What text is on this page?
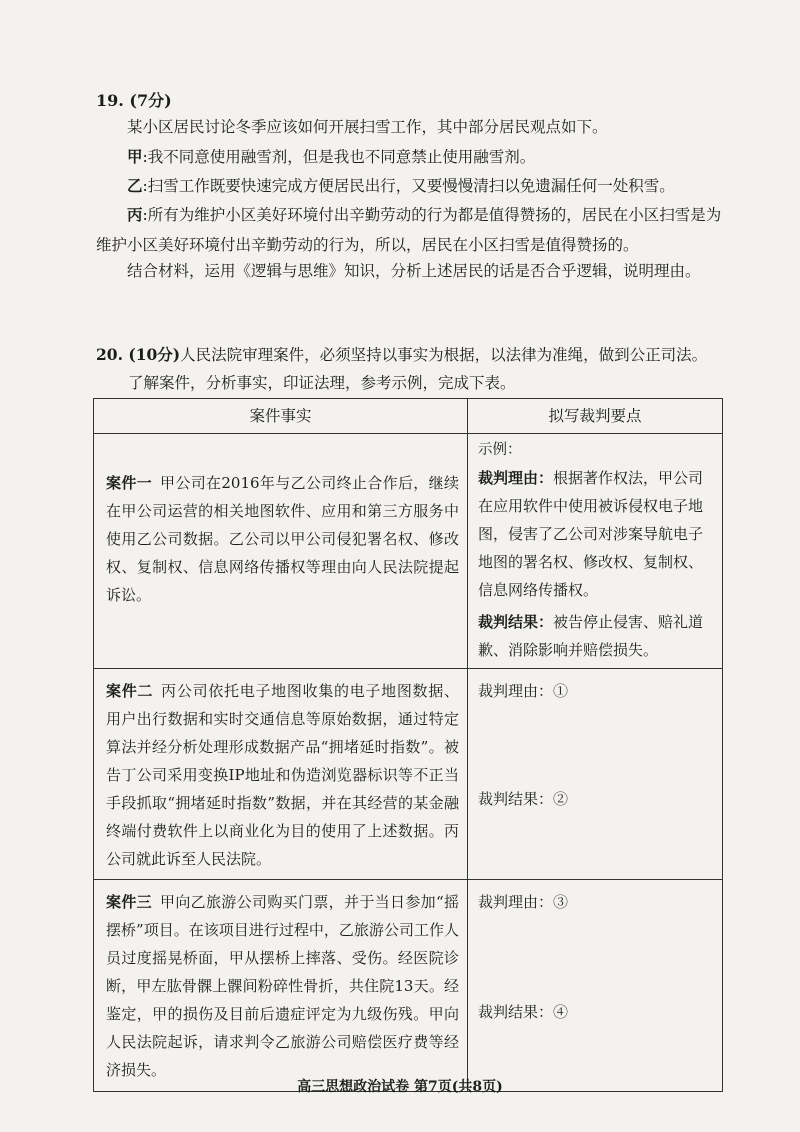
19. (7分)
某小区居民讨论冬季应该如何开展扫雪工作，其中部分居民观点如下。
甲:我不同意使用融雪剂，但是我也不同意禁止使用融雪剂。
乙:扫雪工作既要快速完成方便居民出行，又要慢慢清扫以免遗漏任何一处积雪。
丙:所有为维护小区美好环境付出辛勤劳动的行为都是值得赞扬的，居民在小区扫雪是为维护小区美好环境付出辛勤劳动的行为，所以，居民在小区扫雪是值得赞扬的。
结合材料，运用《逻辑与思维》知识，分析上述居民的话是否合乎逻辑，说明理由。
20. (10分)人民法院审理案件，必须坚持以事实为根据，以法律为准绳，做到公正司法。
了解案件，分析事实，印证法理，参考示例，完成下表。
案件事实	拟写裁判要点
案件一 甲公司在2016年与乙公司终止合作后，继续在甲公司运营的相关地图软件、应用和第三方服务中使用乙公司数据。乙公司以甲公司侵犯署名权、修改权、复制权、信息网络传播权等理由向人民法院提起诉讼。	示例：
裁判理由：根据著作权法，甲公司在应用软件中使用被诉侵权电子地图，侵害了乙公司对涉案导航电子地图的署名权、修改权、复制权、信息网络传播权。
裁判结果：被告停止侵害、赔礼道歉、消除影响并赔偿损失。

案件二 丙公司依托电子地图收集的电子地图数据、用户出行数据和实时交通信息等原始数据，通过特定算法并经分析处理形成数据产品“拥堵延时指数”。被告丁公司采用变换IP地址和伪造浏览器标识等不正当手段抓取“拥堵延时指数”数据，并在其经营的某金融终端付费软件上以商业化为目的使用了上述数据。丙公司就此诉至人民法院。	裁判理由：①
裁判结果：②

案件三 甲向乙旅游公司购买门票，并于当日参加“摇摆桥”项目。在该项目进行过程中，乙旅游公司工作人员过度摇晃桥面，甲从摆桥上摔落、受伤。经医院诊断，甲左肱骨髁上髁间粉碎性骨折，共住院13天。经鉴定，甲的损伤及目前后遗症评定为九级伤残。甲向人民法院起诉，请求判令乙旅游公司赔偿医疗费等经济损失。	裁判理由：③
裁判结果：④
高三思想政治试卷 第7页(共8页)
